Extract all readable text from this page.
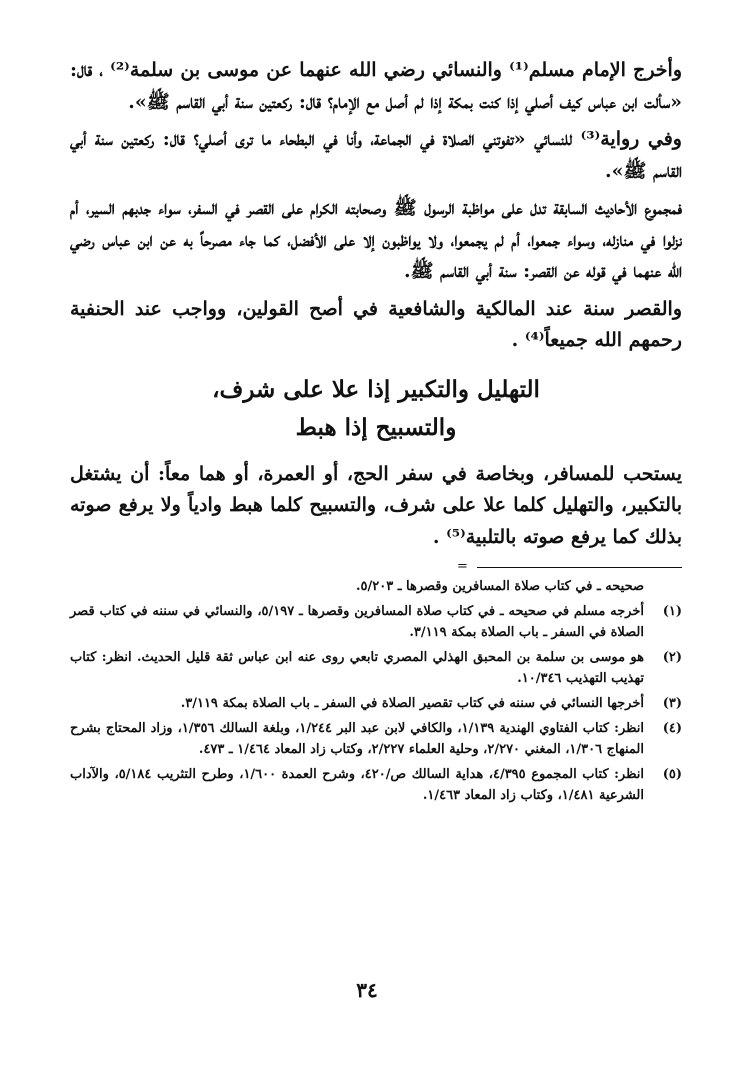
وأخرج الإمام مسلم⁽¹⁾ والنسائي رضي الله عنهما عن موسى بن سلمة⁽²⁾ ، قال: «سألت ابن عباس كيف أصلي إذا كنت بمكة إذا لم أصل مع الإمام؟ قال: ركعتين سنة أبي القاسم ﷺ».

وفي رواية⁽³⁾ للنسائي «تفوتني الصلاة في الجماعة، وأنا في البطحاء ما ترى أصلي؟ قال: ركعتين سنة أبي القاسم ﷺ».

فمجموع الأحاديث السابقة تدل على مواظبة الرسول ﷺ وصحابته الكرام على القصر في السفر، سواء جدبهم السير، أم نزلوا في منازله، وسواء جمعوا، أم لم يجمعوا، ولا يواظبون إلا على الأفضل، كما جاء مصرحاً به عن ابن عباس رضي الله عنهما في قوله عن القصر: سنة أبي القاسم ﷺ.

والقصر سنة عند المالكية والشافعية في أصح القولين، وواجب عند الحنفية رحمهم الله جميعاً⁽⁴⁾ .

التهليل والتكبير إذا علا على شرف،
والتسبيح إذا هبط

يستحب للمسافر، وبخاصة في سفر الحج، أو العمرة، أو هما معاً: أن يشتغل بالتكبير، والتهليل كلما علا على شرف، والتسبيح كلما هبط وادياً ولا يرفع صوته بذلك كما يرفع صوته بالتلبية⁽⁵⁾ .

=
صحيحه ـ في كتاب صلاة المسافرين وقصرها ـ ٥/٢٠٣.
(١)
أخرجه مسلم في صحيحه ـ في كتاب صلاة المسافرين وقصرها ـ ٥/١٩٧، والنسائي في سننه في كتاب قصر الصلاة في السفر ـ باب الصلاة بمكة ٣/١١٩.
(٢)
هو موسى بن سلمة بن المحبق الهذلي المصري تابعي روى عنه ابن عباس ثقة قليل الحديث. انظر: كتاب تهذيب التهذيب ١٠/٣٤٦.
(٣)
أخرجها النسائي في سننه في كتاب تقصير الصلاة في السفر ـ باب الصلاة بمكة ٣/١١٩.
(٤)
انظر: كتاب الفتاوي الهندية ١/١٣٩، والكافي لابن عبد البر ١/٢٤٤، وبلغة السالك ١/٣٥٦، وزاد المحتاج بشرح المنهاج ١/٣٠٦، المغني ٢/٢٧٠، وحلية العلماء ٢/٢٢٧، وكتاب زاد المعاد ١/٤٦٤ ـ ٤٧٣.
(٥)
انظر: كتاب المجموع ٤/٣٩٥، هداية السالك ص/٤٢٠، وشرح العمدة ١/٦٠٠، وطرح التثريب ٥/١٨٤، والآداب الشرعية ١/٤٨١، وكتاب زاد المعاد ١/٤٦٣.
٣٤
